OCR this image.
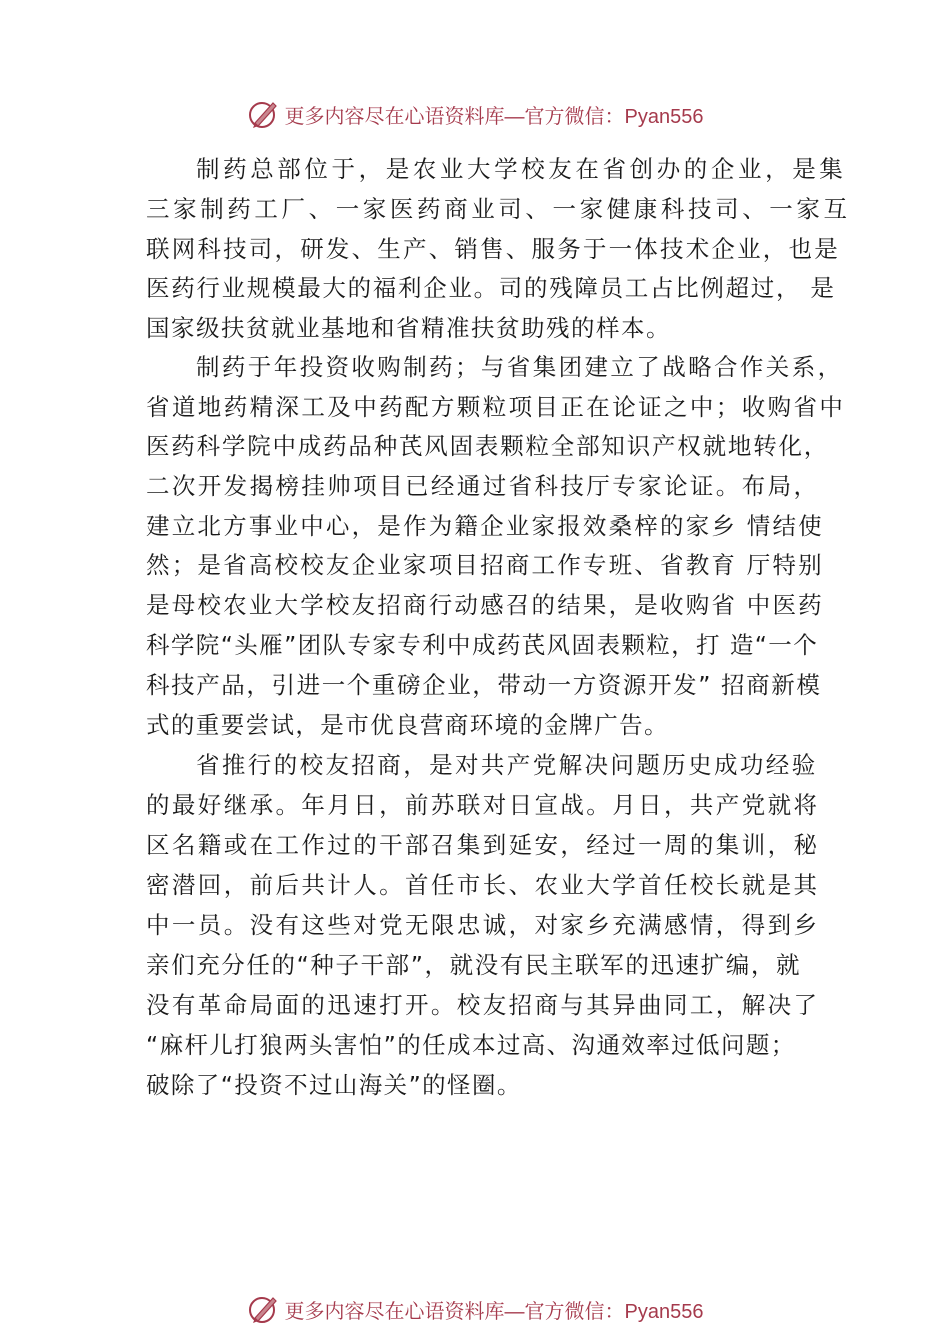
更多内容尽在心语资料库 —官方微信：Pyan556
制药总部位于，是农业大学校友在省创办的企业，是集
三家制药工厂、一家医药商业司、一家健康科技司、一家互
联网科技司，研发、生产、销售、服务于一体技术企业，也是
医药行业规模最大的福利企业。司的残障员工占比例超过， 是
国家级扶贫就业基地和省精准扶贫助残的样本。
制药于年投资收购制药；与省集团建立了战略合作关系，
省道地药精深工及中药配方颗粒项目正在论证之中；收购省中
医药科学院中成药品种芪风固表颗粒全部知识产权就地转化，
二次开发揭榜挂帅项目已经通过省科技厅专家论证。布局，
建立北方事业中心，是作为籍企业家报效桑梓的家乡 情结使
然；是省高校校友企业家项目招商工作专班、省教育 厅特别
是母校农业大学校友招商行动感召的结果，是收购省 中医药
科学院“头雁”团队专家专利中成药芪风固表颗粒，打 造“一个
科技产品，引进一个重磅企业，带动一方资源开发” 招商新模
式的重要尝试，是市优良营商环境的金牌广告。
省推行的校友招商，是对共产党解决问题历史成功经验
的最好继承。年月日，前苏联对日宣战。月日，共产党就将
区名籍或在工作过的干部召集到延安，经过一周的集训，秘
密潜回，前后共计人。首任市长、农业大学首任校长就是其
中一员。没有这些对党无限忠诚，对家乡充满感情，得到乡
亲们充分任的“种子干部”，就没有民主联军的迅速扩编，就
没有革命局面的迅速打开。校友招商与其异曲同工，解决了
“麻杆儿打狼两头害怕”的任成本过高、沟通效率过低问题；
破除了“投资不过山海关”的怪圈。
更多内容尽在心语资料库 —官方微信：Pyan556
